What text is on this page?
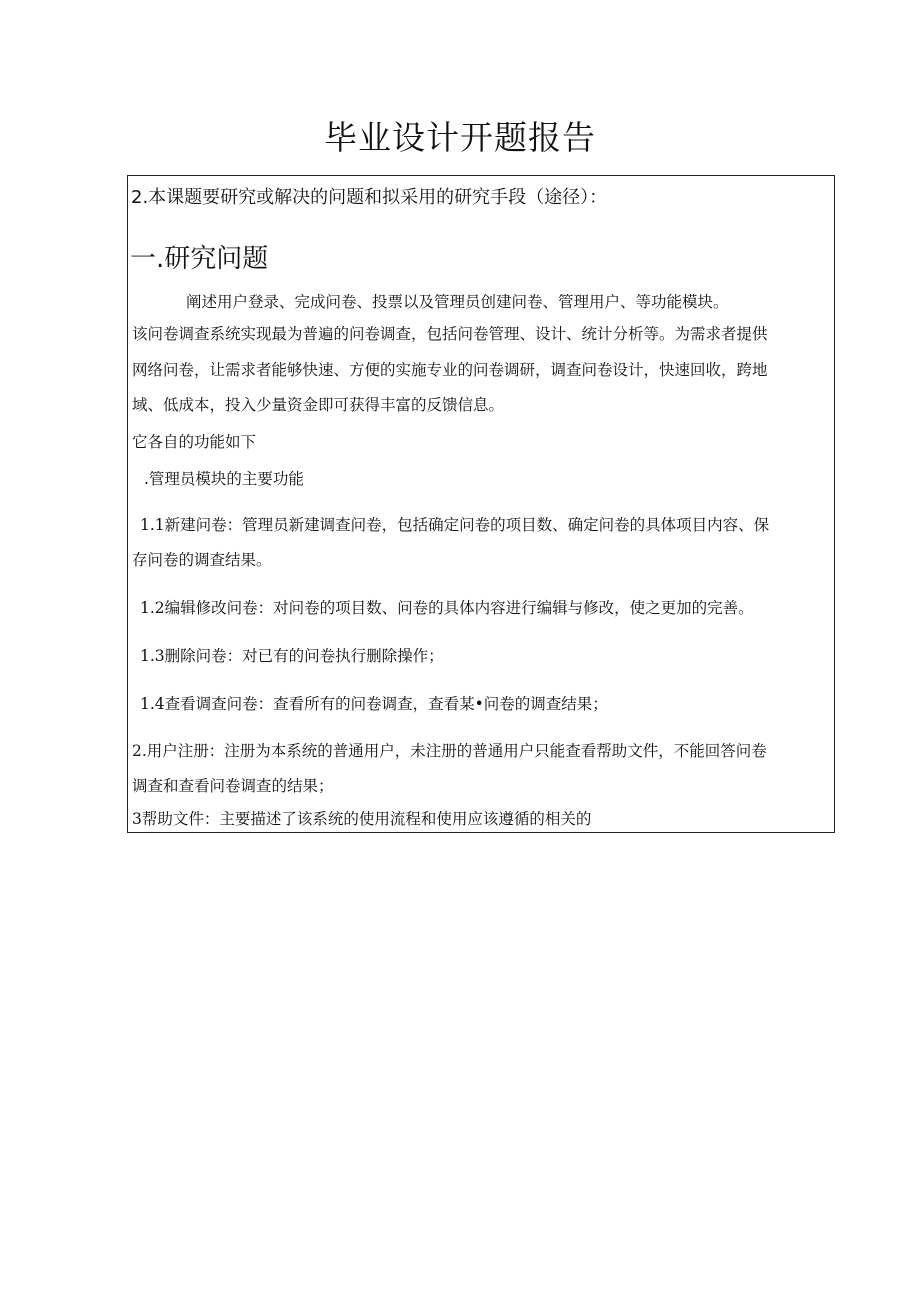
毕业设计开题报告
2.本课题要研究或解决的问题和拟采用的研究手段（途径）：
一.研究问题
阐述用户登录、完成问卷、投票以及管理员创建问卷、管理用户、等功能模块。
该问卷调查系统实现最为普遍的问卷调查，包括问卷管理、设计、统计分析等。为需求者提供
网络问卷，让需求者能够快速、方便的实施专业的问卷调研，调查问卷设计，快速回收，跨地
域、低成本，投入少量资金即可获得丰富的反馈信息。
它各自的功能如下
.管理员模块的主要功能
1.1新建问卷：管理员新建调查问卷，包括确定问卷的项目数、确定问卷的具体项目内容、保
存问卷的调查结果。
1.2编辑修改问卷：对问卷的项目数、问卷的具体内容进行编辑与修改，使之更加的完善。
1.3删除问卷：对已有的问卷执行删除操作；
1.4查看调查问卷：查看所有的问卷调查，查看某•问卷的调查结果；
2.用户注册：注册为本系统的普通用户，未注册的普通用户只能查看帮助文件，不能回答问卷
调查和查看问卷调查的结果；
3帮助文件：主要描述了该系统的使用流程和使用应该遵循的相关的
